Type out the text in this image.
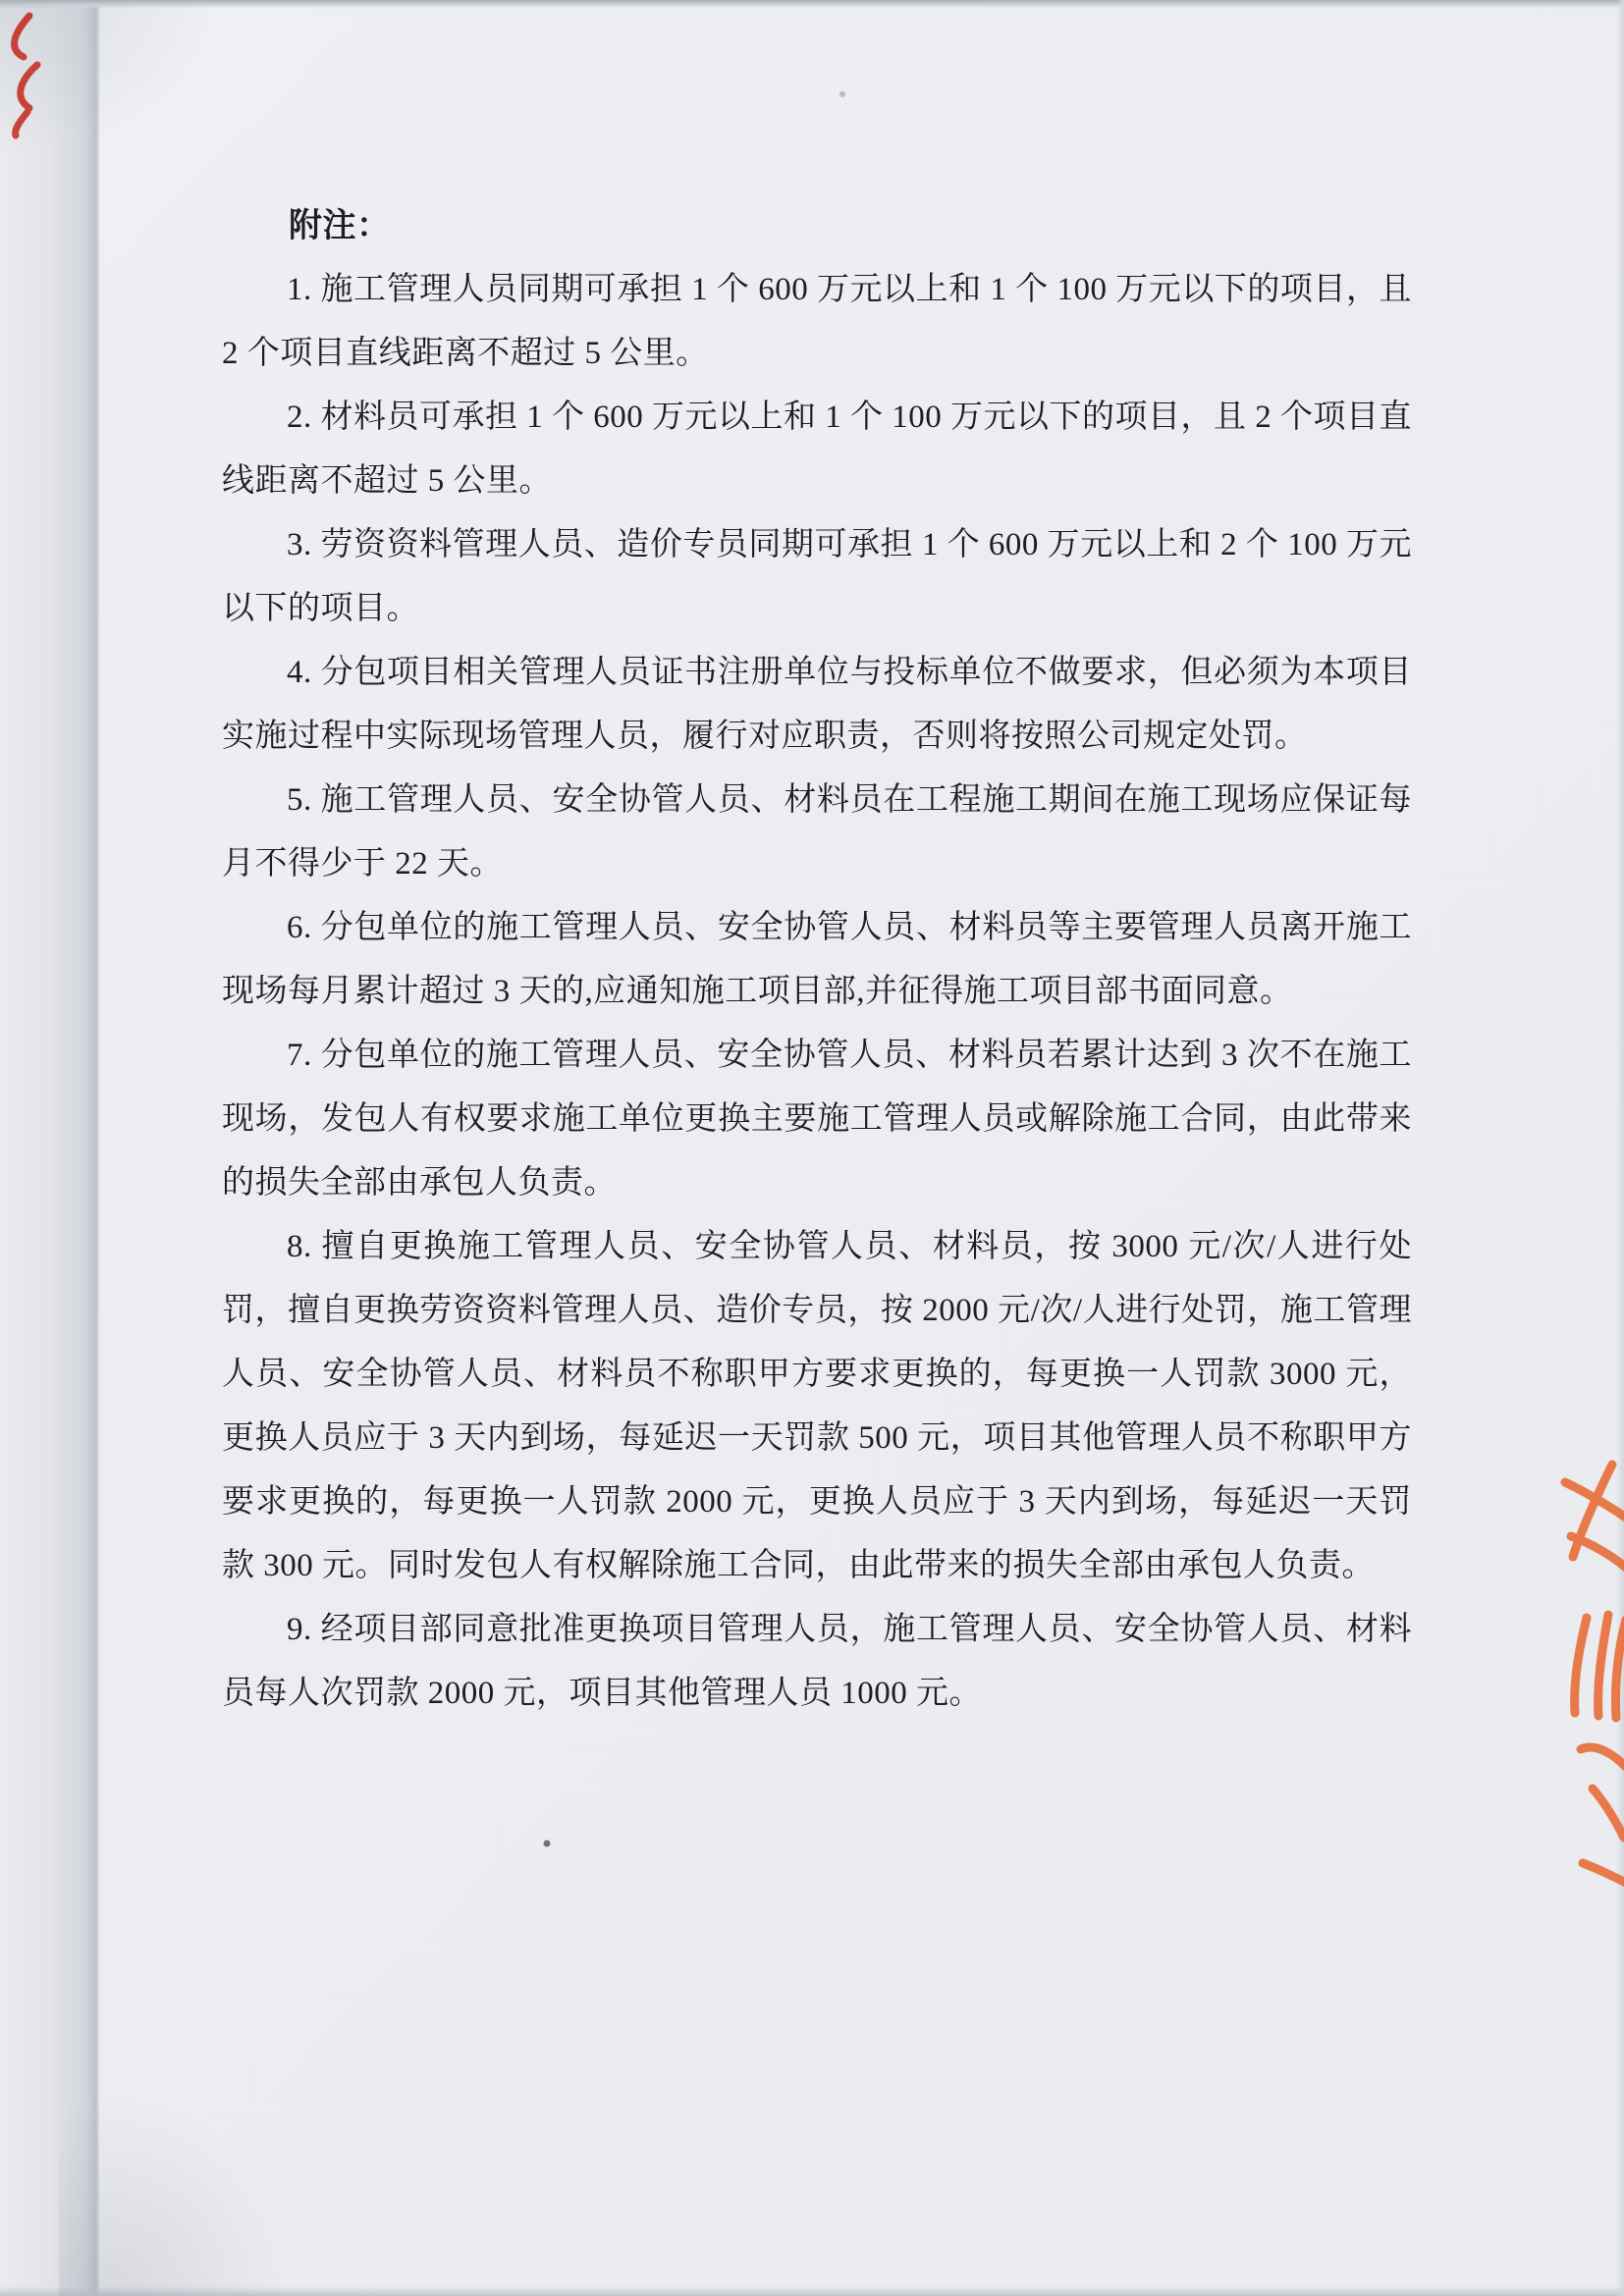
附注：

1. 施工管理人员同期可承担 1 个 600 万元以上和 1 个 100 万元以下的项目，且 2 个项目直线距离不超过 5 公里。

2. 材料员可承担 1 个 600 万元以上和 1 个 100 万元以下的项目，且 2 个项目直线距离不超过 5 公里。

3. 劳资资料管理人员、造价专员同期可承担 1 个 600 万元以上和 2 个 100 万元以下的项目。

4. 分包项目相关管理人员证书注册单位与投标单位不做要求，但必须为本项目实施过程中实际现场管理人员，履行对应职责，否则将按照公司规定处罚。

5. 施工管理人员、安全协管人员、材料员在工程施工期间在施工现场应保证每月不得少于 22 天。

6. 分包单位的施工管理人员、安全协管人员、材料员等主要管理人员离开施工现场每月累计超过 3 天的,应通知施工项目部,并征得施工项目部书面同意。

7. 分包单位的施工管理人员、安全协管人员、材料员若累计达到 3 次不在施工现场，发包人有权要求施工单位更换主要施工管理人员或解除施工合同，由此带来的损失全部由承包人负责。

8. 擅自更换施工管理人员、安全协管人员、材料员，按 3000 元/次/人进行处罚，擅自更换劳资资料管理人员、造价专员，按 2000 元/次/人进行处罚，施工管理人员、安全协管人员、材料员不称职甲方要求更换的，每更换一人罚款 3000 元，更换人员应于 3 天内到场，每延迟一天罚款 500 元，项目其他管理人员不称职甲方要求更换的，每更换一人罚款 2000 元，更换人员应于 3 天内到场，每延迟一天罚款 300 元。同时发包人有权解除施工合同，由此带来的损失全部由承包人负责。

9. 经项目部同意批准更换项目管理人员，施工管理人员、安全协管人员、材料员每人次罚款 2000 元，项目其他管理人员 1000 元。
